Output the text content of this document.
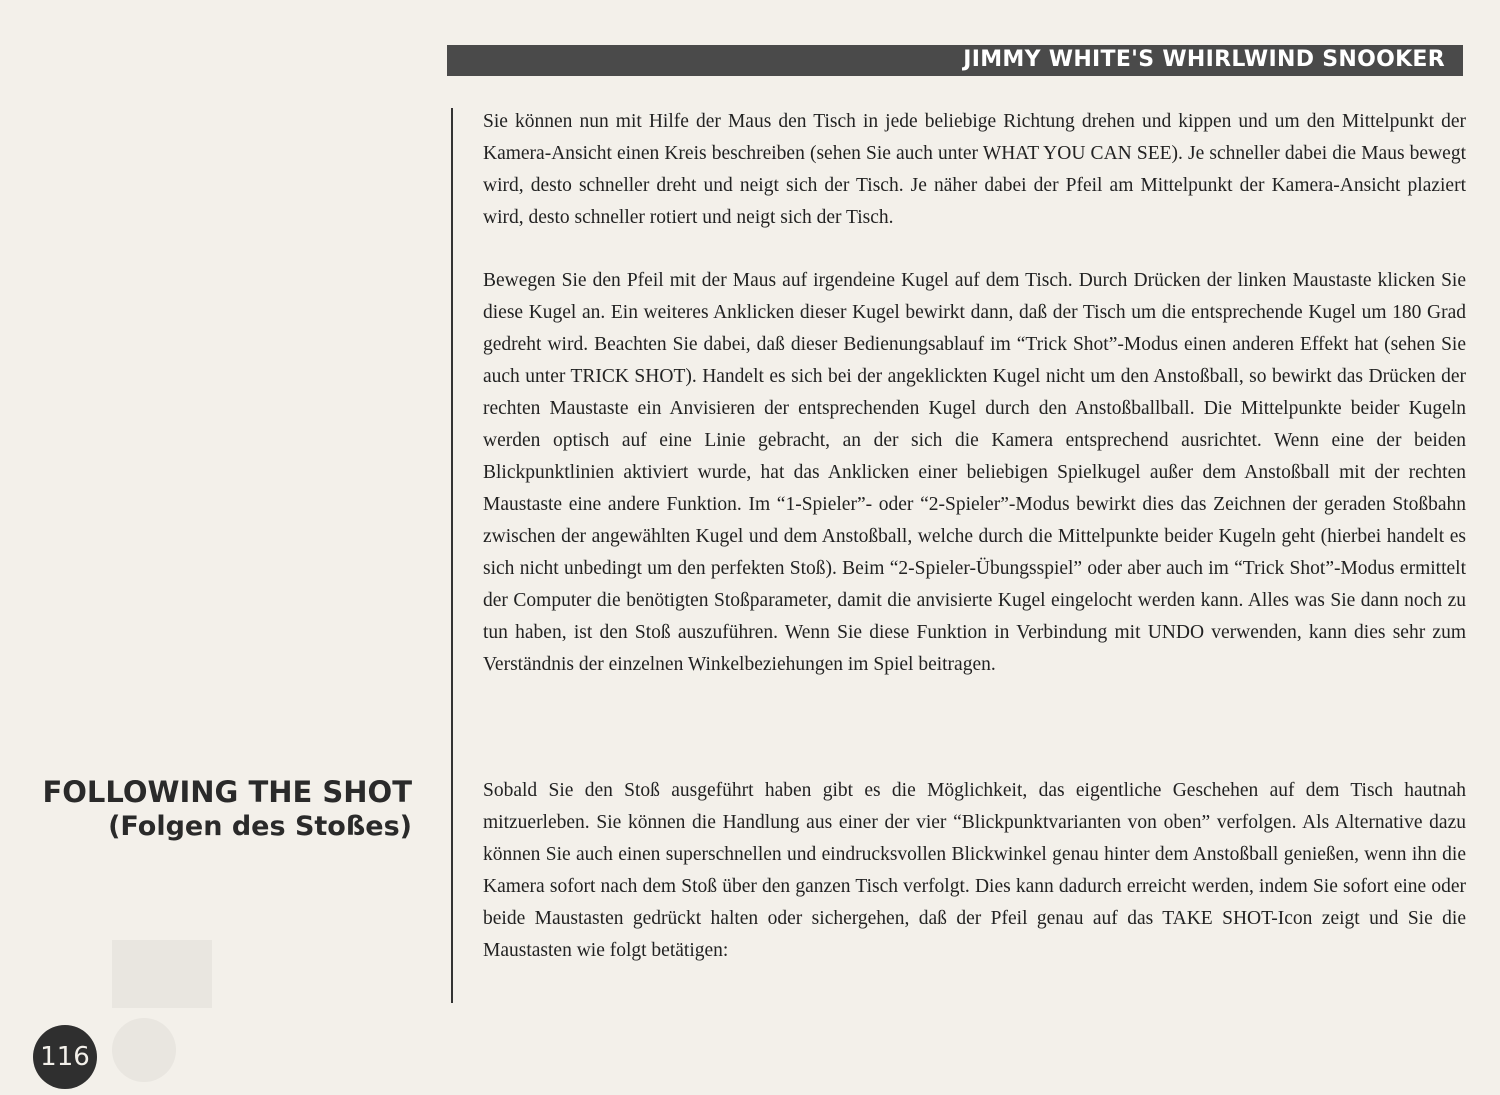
JIMMY WHITE'S WHIRLWIND SNOOKER

Sie können nun mit Hilfe der Maus den Tisch in jede beliebige Richtung drehen und kippen und um den Mittelpunkt der Kamera-Ansicht einen Kreis beschreiben (sehen Sie auch unter WHAT YOU CAN SEE). Je schneller dabei die Maus bewegt wird, desto schneller dreht und neigt sich der Tisch. Je näher dabei der Pfeil am Mittelpunkt der Kamera-Ansicht plaziert wird, desto schneller rotiert und neigt sich der Tisch.

Bewegen Sie den Pfeil mit der Maus auf irgendeine Kugel auf dem Tisch. Durch Drücken der linken Maustaste klicken Sie diese Kugel an. Ein weiteres Anklicken dieser Kugel bewirkt dann, daß der Tisch um die entsprechende Kugel um 180 Grad gedreht wird. Beachten Sie dabei, daß dieser Bedienungsablauf im “Trick Shot”-Modus einen anderen Effekt hat (sehen Sie auch unter TRICK SHOT). Handelt es sich bei der angeklickten Kugel nicht um den Anstoßball, so bewirkt das Drücken der rechten Maustaste ein Anvisieren der entsprechenden Kugel durch den Anstoßballball. Die Mittelpunkte beider Kugeln werden optisch auf eine Linie gebracht, an der sich die Kamera entsprechend ausrichtet. Wenn eine der beiden Blickpunktlinien aktiviert wurde, hat das Anklicken einer beliebigen Spielkugel außer dem Anstoßball mit der rechten Maustaste eine andere Funktion. Im “1-Spieler”- oder “2-Spieler”-Modus bewirkt dies das Zeichnen der geraden Stoßbahn zwischen der angewählten Kugel und dem Anstoßball, welche durch die Mittelpunkte beider Kugeln geht (hierbei handelt es sich nicht unbedingt um den perfekten Stoß). Beim “2-Spieler-Übungsspiel” oder aber auch im “Trick Shot”-Modus ermittelt der Computer die benötigten Stoßparameter, damit die anvisierte Kugel eingelocht werden kann. Alles was Sie dann noch zu tun haben, ist den Stoß auszuführen. Wenn Sie diese Funktion in Verbindung mit UNDO verwenden, kann dies sehr zum Verständnis der einzelnen Winkelbeziehungen im Spiel beitragen.

Sobald Sie den Stoß ausgeführt haben gibt es die Möglichkeit, das eigentliche Geschehen auf dem Tisch hautnah mitzuerleben. Sie können die Handlung aus einer der vier “Blickpunktvarianten von oben” verfolgen. Als Alternative dazu können Sie auch einen superschnellen und eindrucksvollen Blickwinkel genau hinter dem Anstoßball genießen, wenn ihn die Kamera sofort nach dem Stoß über den ganzen Tisch verfolgt. Dies kann dadurch erreicht werden, indem Sie sofort eine oder beide Maustasten gedrückt halten oder sichergehen, daß der Pfeil genau auf das TAKE SHOT-Icon zeigt und Sie die Maustasten wie folgt betätigen:

FOLLOWING THE SHOT
(Folgen des Stoßes)
116
